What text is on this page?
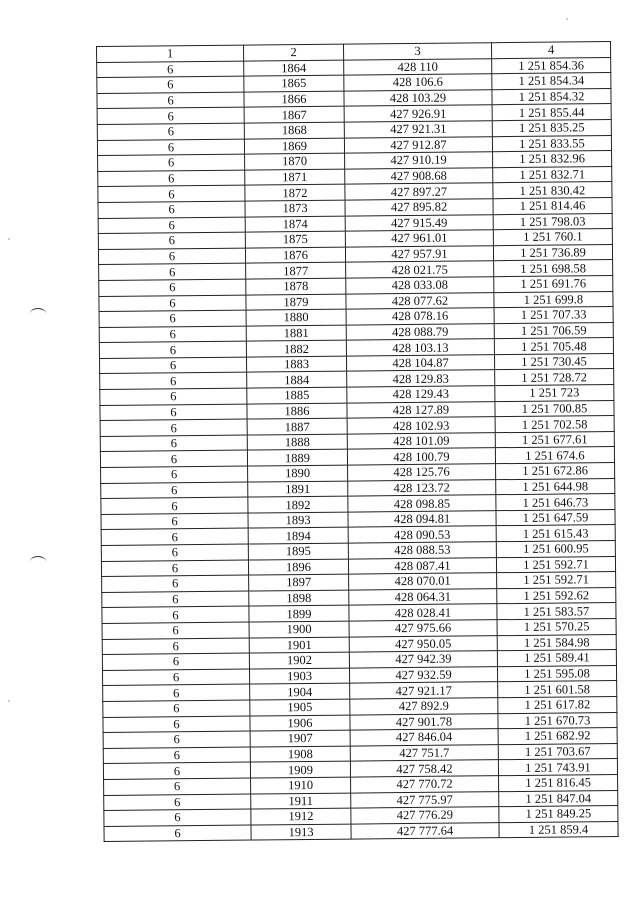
1	2	3	4
6	1864	428 110	1 251 854.36
6	1865	428 106.6	1 251 854.34
6	1866	428 103.29	1 251 854.32
6	1867	427 926.91	1 251 855.44
6	1868	427 921.31	1 251 835.25
6	1869	427 912.87	1 251 833.55
6	1870	427 910.19	1 251 832.96
6	1871	427 908.68	1 251 832.71
6	1872	427 897.27	1 251 830.42
6	1873	427 895.82	1 251 814.46
6	1874	427 915.49	1 251 798.03
6	1875	427 961.01	1 251 760.1
6	1876	427 957.91	1 251 736.89
6	1877	428 021.75	1 251 698.58
6	1878	428 033.08	1 251 691.76
6	1879	428 077.62	1 251 699.8
6	1880	428 078.16	1 251 707.33
6	1881	428 088.79	1 251 706.59
6	1882	428 103.13	1 251 705.48
6	1883	428 104.87	1 251 730.45
6	1884	428 129.83	1 251 728.72
6	1885	428 129.43	1 251 723
6	1886	428 127.89	1 251 700.85
6	1887	428 102.93	1 251 702.58
6	1888	428 101.09	1 251 677.61
6	1889	428 100.79	1 251 674.6
6	1890	428 125.76	1 251 672.86
6	1891	428 123.72	1 251 644.98
6	1892	428 098.85	1 251 646.73
6	1893	428 094.81	1 251 647.59
6	1894	428 090.53	1 251 615.43
6	1895	428 088.53	1 251 600.95
6	1896	428 087.41	1 251 592.71
6	1897	428 070.01	1 251 592.71
6	1898	428 064.31	1 251 592.62
6	1899	428 028.41	1 251 583.57
6	1900	427 975.66	1 251 570.25
6	1901	427 950.05	1 251 584.98
6	1902	427 942.39	1 251 589.41
6	1903	427 932.59	1 251 595.08
6	1904	427 921.17	1 251 601.58
6	1905	427 892.9	1 251 617.82
6	1906	427 901.78	1 251 670.73
6	1907	427 846.04	1 251 682.92
6	1908	427 751.7	1 251 703.67
6	1909	427 758.42	1 251 743.91
6	1910	427 770.72	1 251 816.45
6	1911	427 775.97	1 251 847.04
6	1912	427 776.29	1 251 849.25
6	1913	427 777.64	1 251 859.4
